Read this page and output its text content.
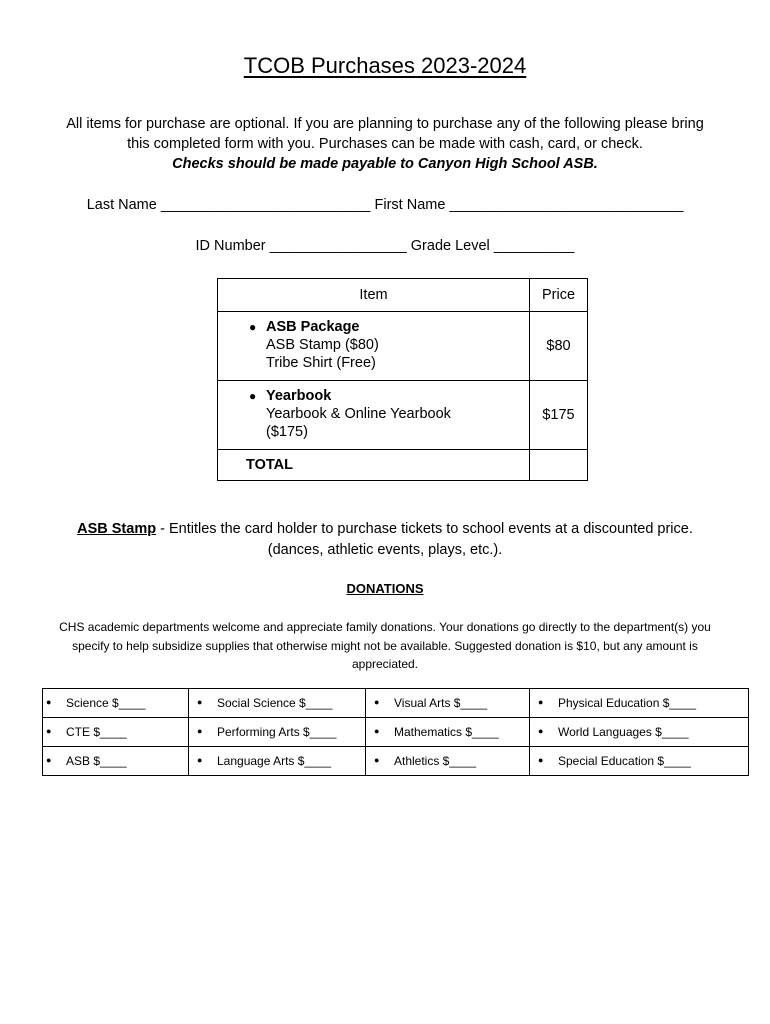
TCOB Purchases 2023-2024
All items for purchase are optional. If you are planning to purchase any of the following please bring
this completed form with you. Purchases can be made with cash, card, or check.
Checks should be made payable to Canyon High School ASB.
Last Name __________________________ First Name _____________________________
ID Number _________________ Grade Level __________
Item	Price

● ASB Package
ASB Stamp ($80)
Tribe Shirt (Free)	$80

● Yearbook
Yearbook & Online Yearbook
($175)	$175
TOTAL	
ASB Stamp - Entitles the card holder to purchase tickets to school events at a discounted price.
(dances, athletic events, plays, etc.).
DONATIONS
CHS academic departments welcome and appreciate family donations. Your donations go directly to the department(s) you specify to help subsidize supplies that otherwise might not be available. Suggested donation is $10, but any amount is appreciated.
● Science $____	● Social Science $____	● Visual Arts $____	● Physical Education $____

● CTE $____	● Performing Arts $____	● Mathematics $____	● World Languages $____

● ASB $____	● Language Arts $____	● Athletics $____	● Special Education $____
